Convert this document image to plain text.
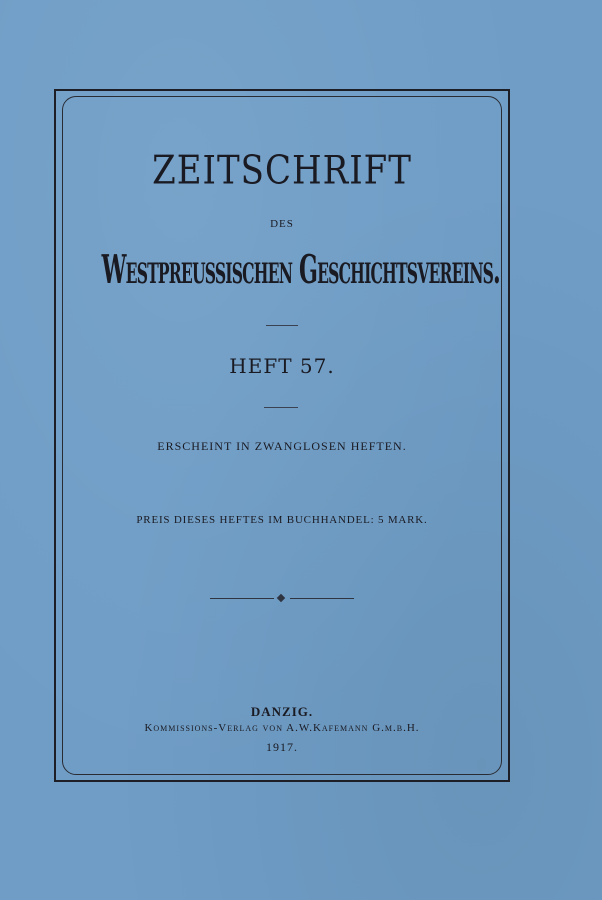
ZEITSCHRIFT
DES
Westpreussischen Geschichtsvereins.
HEFT 57.
ERSCHEINT IN ZWANGLOSEN HEFTEN.
PREIS DIESES HEFTES IM BUCHHANDEL: 5 MARK.
DANZIG.
Kommissions-Verlag von A.W.Kafemann G.m.b.H.
1917.
